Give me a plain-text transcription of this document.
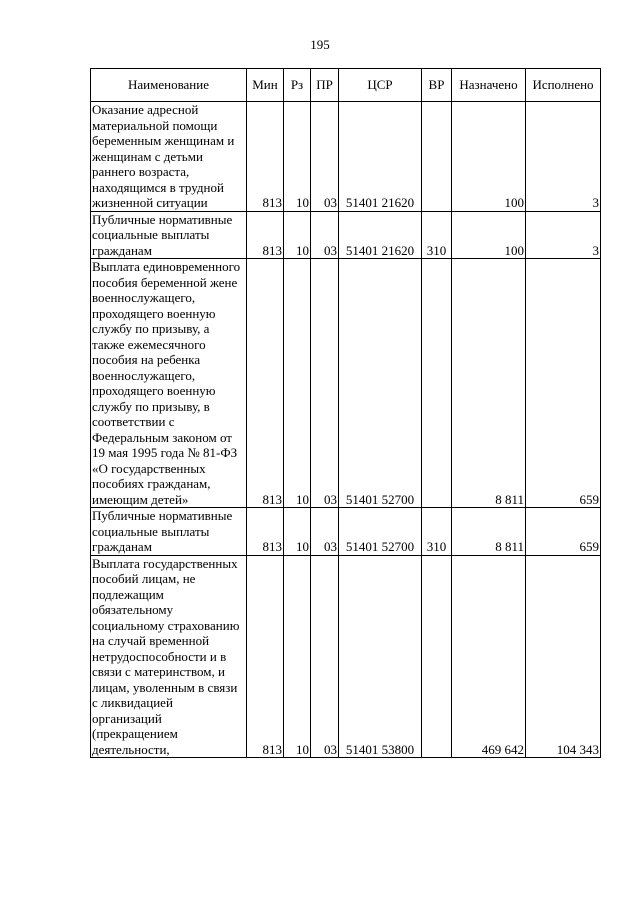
195
Наименование	Мин	Рз	ПР	ЦСР	ВР	Назначено	Исполнено
Оказание адресной материальной помощи беременным женщинам и женщинам с детьми раннего возраста, находящимся в трудной жизненной ситуации	813	10	03	51401 21620		100	3
Публичные нормативные социальные выплаты гражданам	813	10	03	51401 21620	310	100	3
Выплата единовременного пособия беременной жене военнослужащего, проходящего военную службу по призыву, а также ежемесячного пособия на ребенка военнослужащего, проходящего военную службу по призыву, в соответствии с Федеральным законом от 19 мая 1995 года № 81-ФЗ «О государственных пособиях гражданам, имеющим детей»	813	10	03	51401 52700		8 811	659
Публичные нормативные социальные выплаты гражданам	813	10	03	51401 52700	310	8 811	659
Выплата государственных пособий лицам, не подлежащим обязательному социальному страхованию на случай временной нетрудоспособности и в связи с материнством, и лицам, уволенным в связи с ликвидацией организаций (прекращением деятельности,	813	10	03	51401 53800		469 642	104 343
